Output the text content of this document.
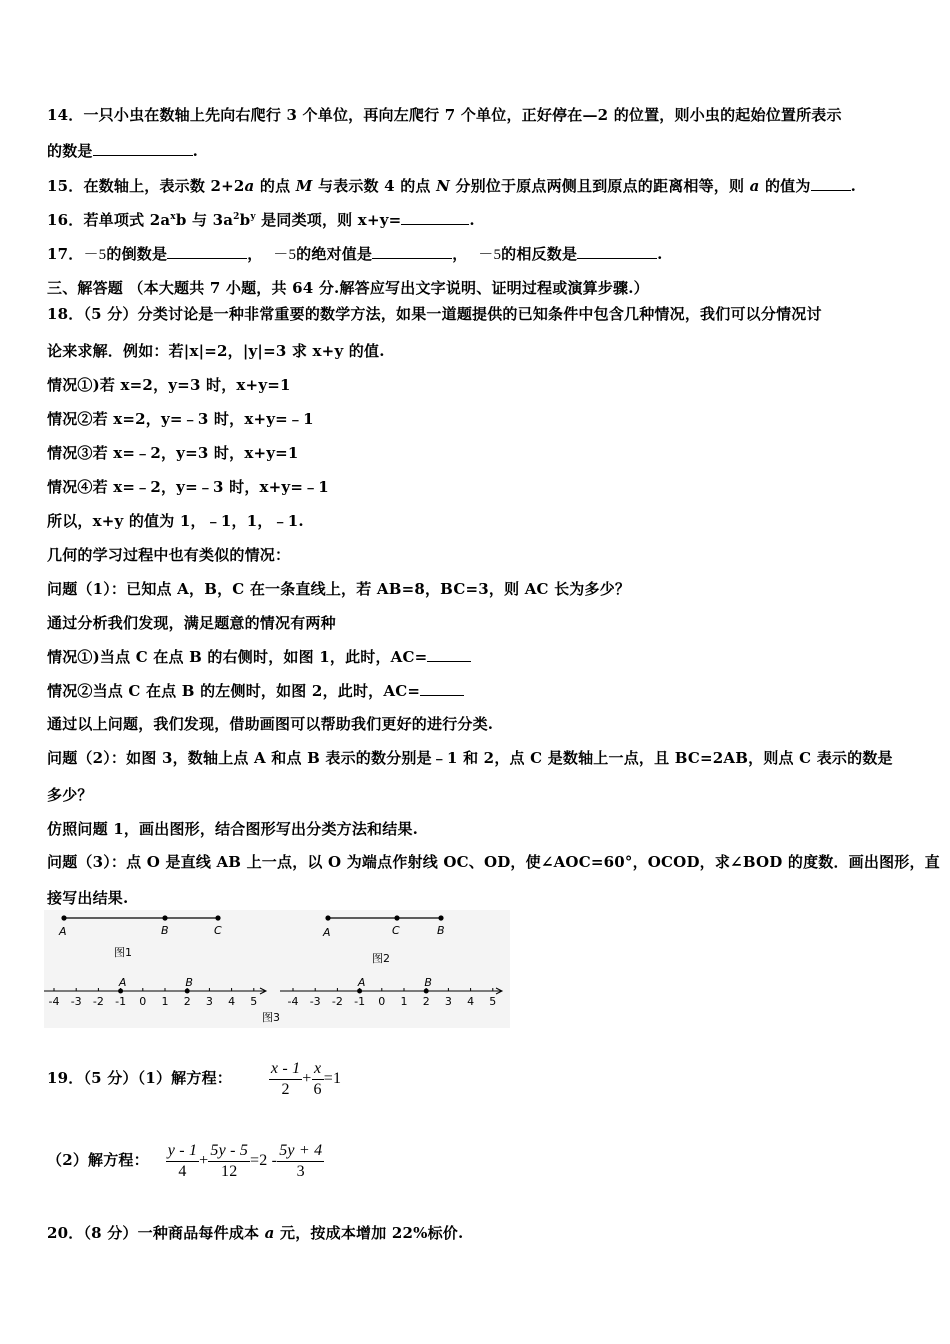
14．一只小虫在数轴上先向右爬行 3 个单位，再向左爬行 7 个单位，正好停在—2 的位置，则小虫的起始位置所表示
的数是	.
15．在数轴上，表示数 2+2a 的点 M 与表示数 4 的点 N 分别位于原点两侧且到原点的距离相等，则 a 的值为	.
16．若单项式 $2a^xb$ 与 $3a^2b^y$ 是同类项，则 x+y=	.
17．－5的倒数是	， －5的绝对值是	， －5的相反数是	.
三、解答题 （本大题共 7 小题，共 64 分.解答应写出文字说明、证明过程或演算步骤.）
18．（5 分）分类讨论是一种非常重要的数学方法，如果一道题提供的已知条件中包含几种情况，我们可以分情况讨
论来求解．例如：若|x|=2，|y|=3 求 x+y 的值.
情况①)若 x=2，y=3 时，x+y=1
情况②若 x=2，y=﹣3 时，x+y=﹣1
情况③若 x=﹣2，y=3 时，x+y=1
情况④若 x=﹣2，y=﹣3 时，x+y=﹣1
所以，x+y 的值为 1，﹣1，1，﹣1.
几何的学习过程中也有类似的情况：
问题（1）：已知点 A，B，C 在一条直线上，若 AB=8，BC=3，则 AC 长为多少？
通过分析我们发现，满足题意的情况有两种
情况①)当点 C 在点 B 的右侧时，如图 1，此时，AC=
情况②当点 C 在点 B 的左侧时，如图 2，此时，AC=
通过以上问题，我们发现，借助画图可以帮助我们更好的进行分类.
问题（2）：如图 3，数轴上点 A 和点 B 表示的数分别是﹣1 和 2，点 C 是数轴上一点，且 BC=2AB，则点 C 表示的数是
多少？
仿照问题 1，画出图形，结合图形写出分类方法和结果.
问题（3）：点 O 是直线 AB 上一点，以 O 为端点作射线 OC、OD，使∠AOC=60°，OCOD，求∠BOD 的度数．画出图形，直
接写出结果.
A	B	C
图1
A	C	B
图2
-4 -3 -2 -1 0 1 2 3 4 5
A	B
-4 -3 -2 -1 0 1 2 3 4 5
A	B
图3
19．（5 分）（1）解方程： $\frac{x - 1}{2} + \frac{x}{6} =1$
（2）解方程： $\frac{y - 1}{4} + \frac{5y - 5}{12} =2 - \frac{5y + 4}{3}$
20．（8 分）一种商品每件成本 a 元，按成本增加 22%标价.
